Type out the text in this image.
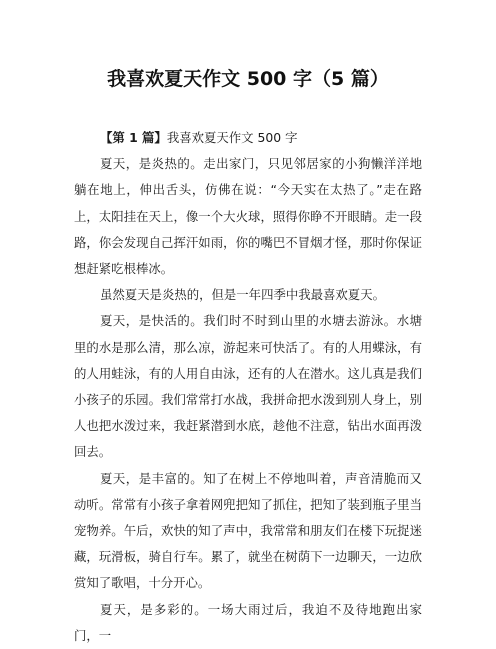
我喜欢夏天作文 500 字（5 篇）

【第 1 篇】我喜欢夏天作文 500 字

夏天，是炎热的。走出家门，只见邻居家的小狗懒洋洋地躺在地上，伸出舌头，仿佛在说：“今天实在太热了。”走在路上，太阳挂在天上，像一个大火球，照得你睁不开眼睛。走一段路，你会发现自己挥汗如雨，你的嘴巴不冒烟才怪，那时你保证想赶紧吃根棒冰。

虽然夏天是炎热的，但是一年四季中我最喜欢夏天。

夏天，是快活的。我们时不时到山里的水塘去游泳。水塘里的水是那么清，那么凉，游起来可快活了。有的人用蝶泳，有的人用蛙泳，有的人用自由泳，还有的人在潜水。这儿真是我们小孩子的乐园。我们常常打水战，我拼命把水泼到别人身上，别人也把水泼过来，我赶紧潜到水底，趁他不注意，钻出水面再泼回去。

夏天，是丰富的。知了在树上不停地叫着，声音清脆而又动听。常常有小孩子拿着网兜把知了抓住，把知了装到瓶子里当宠物养。午后，欢快的知了声中，我常常和朋友们在楼下玩捉迷藏，玩滑板，骑自行车。累了，就坐在树荫下一边聊天，一边欣赏知了歌唱，十分开心。

夏天，是多彩的。一场大雨过后，我迫不及待地跑出家门，一
